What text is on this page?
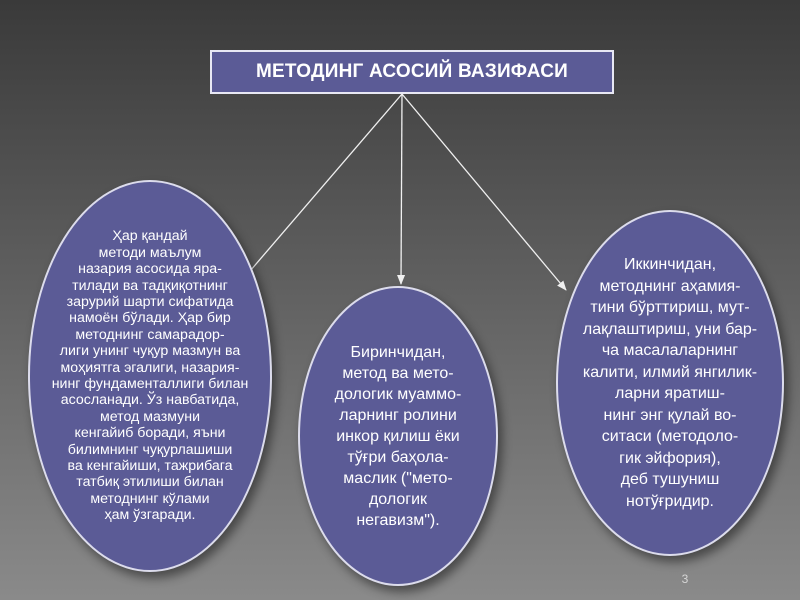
МЕТОДИНГ АСОСИЙ ВАЗИФАСИ
Ҳар қандай
методи маълум
назария асосида яра-
тилади ва тадқиқотнинг
зарурий шарти сифатида
намоён бўлади. Ҳар бир
методнинг самарадор-
лиги унинг чуқур мазмун ва
моҳиятга эгалиги, назария-
нинг фундаменталлиги билан
асосланади. Ўз навбатида,
метод мазмуни
кенгайиб боради, яъни
билимнинг чуқурлашиши
ва кенгайиши, тажрибага
татбиқ этилиши билан
методнинг кўлами
ҳам ўзгаради.
Биринчидан,
метод ва мето-
дологик муаммо-
ларнинг ролини
инкор қилиш ёки
тўғри баҳола-
маслик ("мето-
дологик
негавизм").
Иккинчидан,
методнинг аҳамия-
тини бўрттириш, мут-
лақлаштириш, уни бар-
ча масалаларнинг
калити, илмий янгилик-
ларни яратиш-
нинг энг қулай во-
ситаси (методоло-
гик эйфория),
деб тушуниш
нотўғридир.
3
